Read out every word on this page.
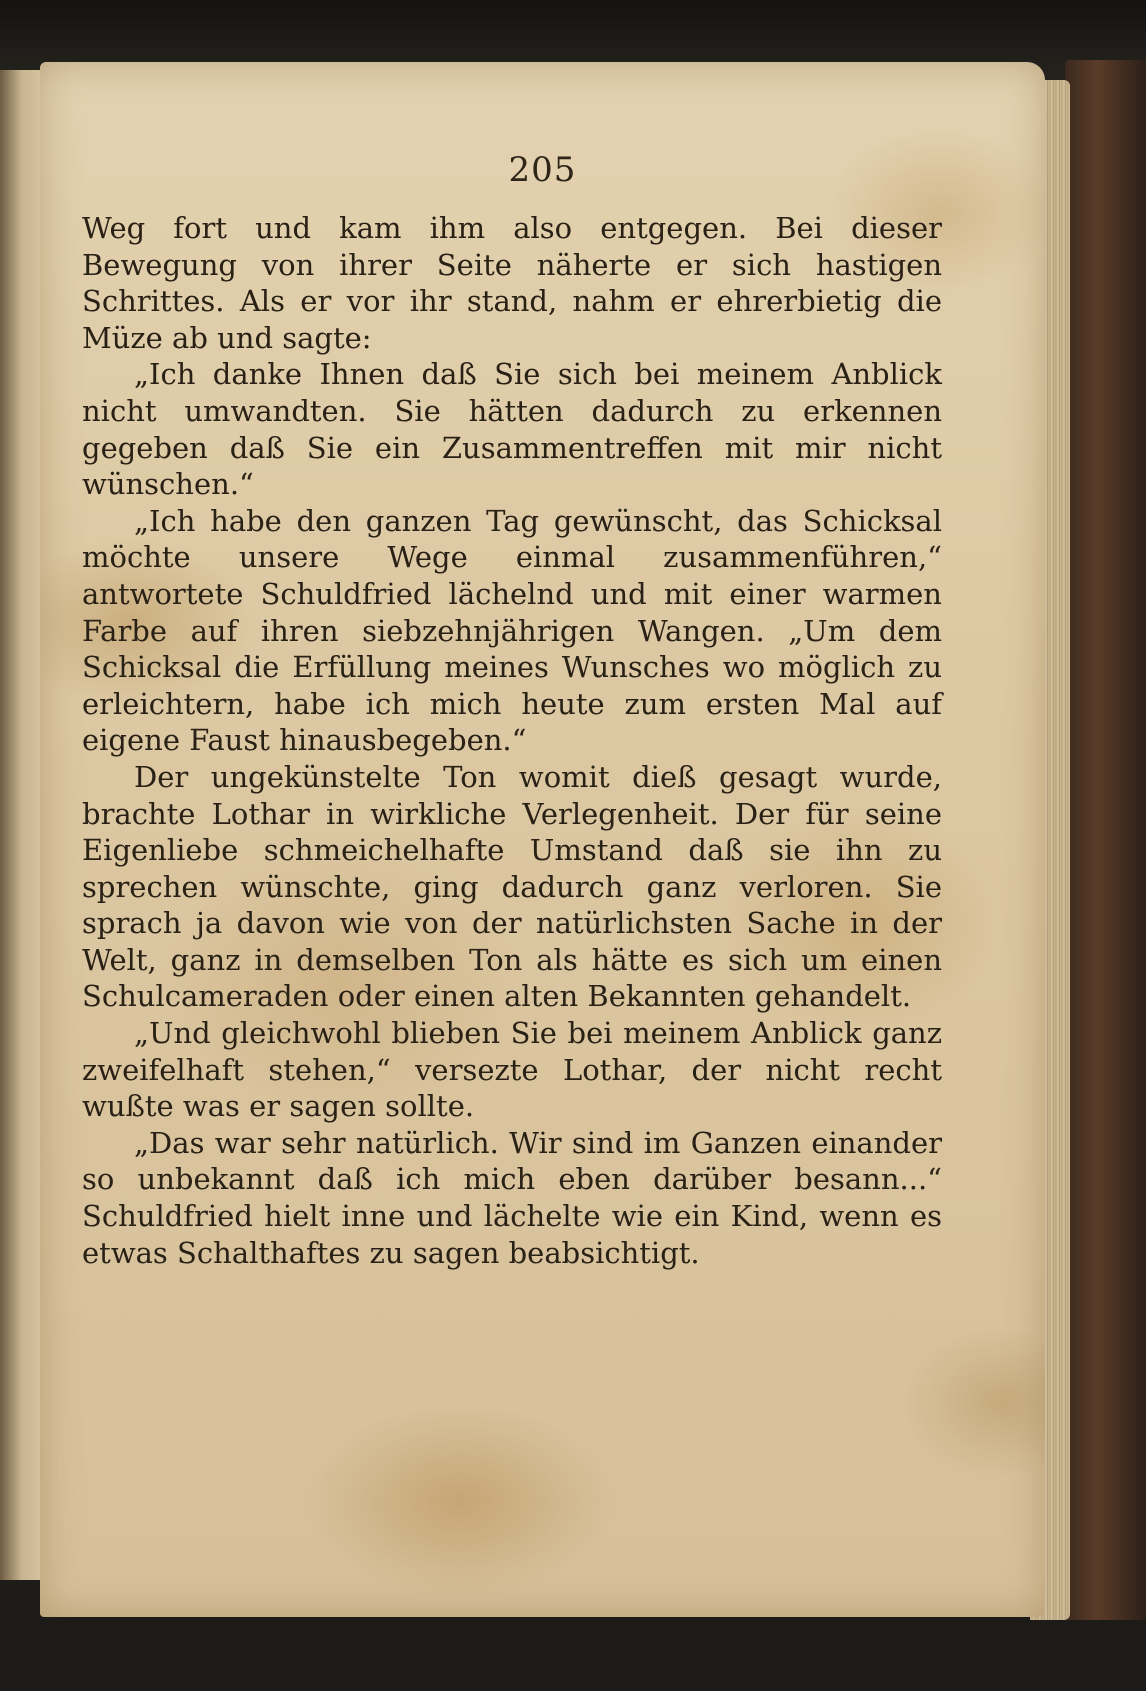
205

Weg fort und kam ihm also entgegen. Bei dieser Bewegung von ihrer Seite näherte er sich hastigen Schrittes. Als er vor ihr stand, nahm er ehrerbietig die Müze ab und sagte:

„Ich danke Ihnen daß Sie sich bei meinem Anblick nicht umwandten. Sie hätten dadurch zu erkennen gegeben daß Sie ein Zusammentreffen mit mir nicht wünschen.“

„Ich habe den ganzen Tag gewünscht, das Schicksal möchte unsere Wege einmal zusammenführen,“ antwortete Schuldfried lächelnd und mit einer warmen Farbe auf ihren siebzehnjährigen Wangen. „Um dem Schicksal die Erfüllung meines Wunsches wo möglich zu erleichtern, habe ich mich heute zum ersten Mal auf eigene Faust hinausbegeben.“

Der ungekünstelte Ton womit dieß gesagt wurde, brachte Lothar in wirkliche Verlegenheit. Der für seine Eigenliebe schmeichelhafte Umstand daß sie ihn zu sprechen wünschte, ging dadurch ganz verloren. Sie sprach ja davon wie von der natürlichsten Sache in der Welt, ganz in demselben Ton als hätte es sich um einen Schulcameraden oder einen alten Bekannten gehandelt.

„Und gleichwohl blieben Sie bei meinem Anblick ganz zweifelhaft stehen,“ versezte Lothar, der nicht recht wußte was er sagen sollte.

„Das war sehr natürlich. Wir sind im Ganzen einander so unbekannt daß ich mich eben darüber besann...“ Schuldfried hielt inne und lächelte wie ein Kind, wenn es etwas Schalthaftes zu sagen beabsichtigt.
